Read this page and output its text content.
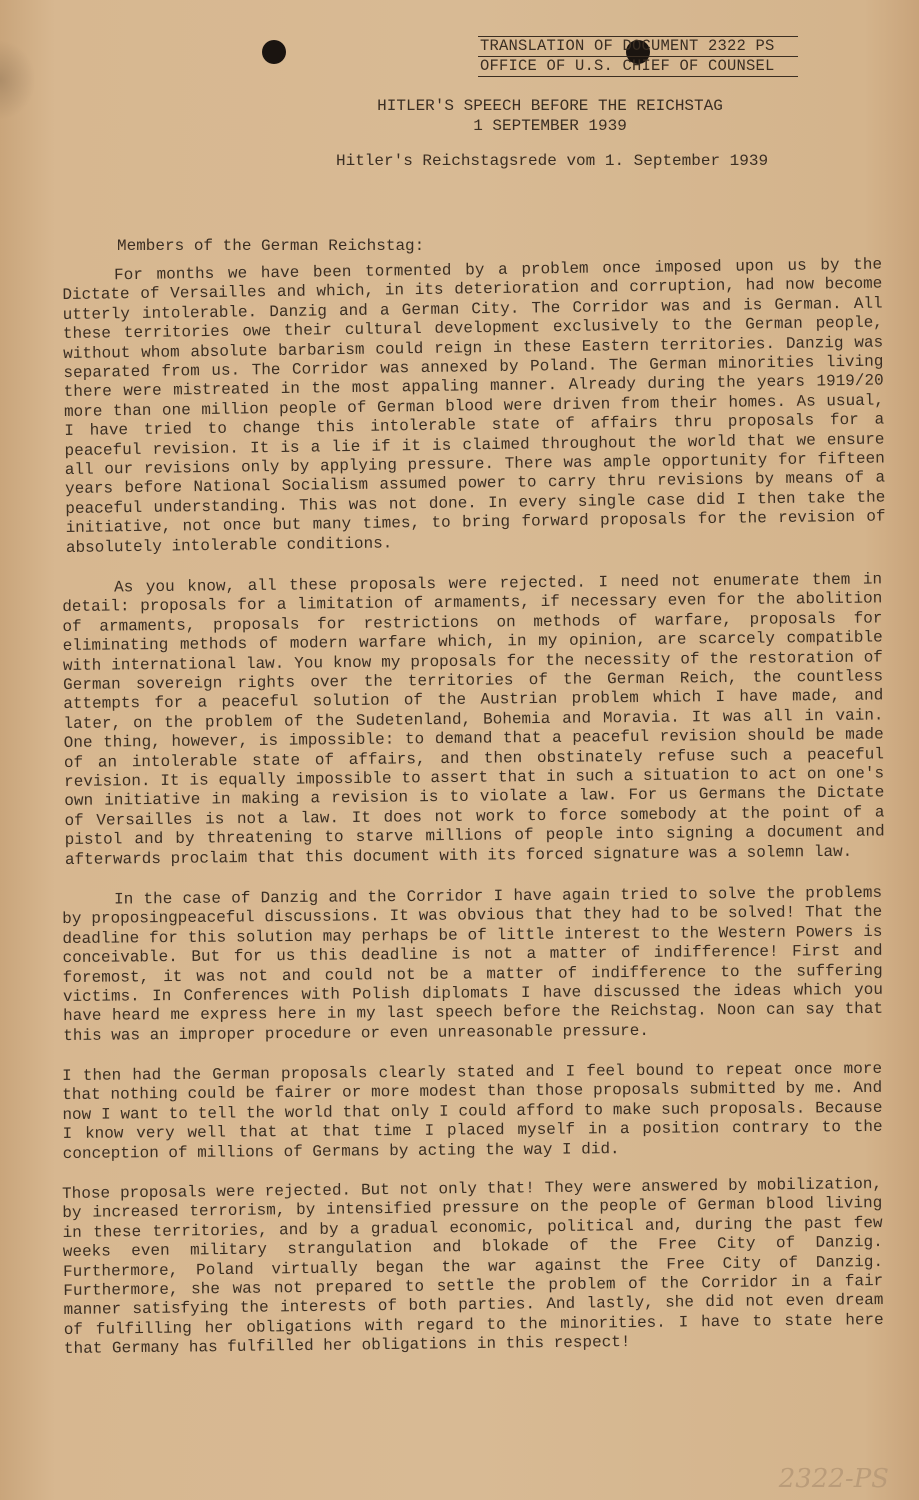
TRANSLATION OF DOCUMENT 2322 PS
OFFICE OF U.S. CHIEF OF COUNSEL
HITLER'S SPEECH BEFORE THE REICHSTAG
1 SEPTEMBER 1939
Hitler's Reichstagsrede vom 1. September 1939
Members of the German Reichstag:

For months we have been tormented by a problem once imposed upon us by the Dictate of Versailles and which, in its deterioration and corruption, had now become utterly intolerable. Danzig and a German City. The Corridor was and is German. All these territories owe their cultural development exclusively to the German people, without whom absolute barbarism could reign in these Eastern territories. Danzig was separated from us. The Corridor was annexed by Poland. The German minorities living there were mistreated in the most appaling manner. Already during the years 1919/20 more than one million people of German blood were driven from their homes. As usual, I have tried to change this intolerable state of affairs thru proposals for a peaceful revision. It is a lie if it is claimed throughout the world that we ensure all our revisions only by applying pressure. There was ample opportunity for fifteen years before National Socialism assumed power to carry thru revisions by means of a peaceful understanding. This was not done. In every single case did I then take the initiative, not once but many times, to bring forward proposals for the revision of absolutely intolerable conditions.

As you know, all these proposals were rejected. I need not enumerate them in detail: proposals for a limitation of armaments, if necessary even for the abolition of armaments, proposals for restrictions on methods of warfare, proposals for eliminating methods of modern warfare which, in my opinion, are scarcely compatible with international law. You know my proposals for the necessity of the restoration of German sovereign rights over the territories of the German Reich, the countless attempts for a peaceful solution of the Austrian problem which I have made, and later, on the problem of the Sudetenland, Bohemia and Moravia. It was all in vain. One thing, however, is impossible: to demand that a peaceful revision should be made of an intolerable state of affairs, and then obstinately refuse such a peaceful revision. It is equally impossible to assert that in such a situation to act on one's own initiative in making a revision is to violate a law. For us Germans the Dictate of Versailles is not a law. It does not work to force somebody at the point of a pistol and by threatening to starve millions of people into signing a document and afterwards proclaim that this document with its forced signature was a solemn law.

In the case of Danzig and the Corridor I have again tried to solve the problems by proposingpeaceful discussions. It was obvious that they had to be solved! That the deadline for this solution may perhaps be of little interest to the Western Powers is conceivable. But for us this deadline is not a matter of indifference! First and foremost, it was not and could not be a matter of indifference to the suffering victims. In Conferences with Polish diplomats I have discussed the ideas which you have heard me express here in my last speech before the Reichstag. Noon can say that this was an improper procedure or even unreasonable pressure.

I then had the German proposals clearly stated and I feel bound to repeat once more that nothing could be fairer or more modest than those proposals submitted by me. And now I want to tell the world that only I could afford to make such proposals. Because I know very well that at that time I placed myself in a position contrary to the conception of millions of Germans by acting the way I did.

Those proposals were rejected. But not only that! They were answered by mobilization, by increased terrorism, by intensified pressure on the people of German blood living in these territories, and by a gradual economic, political and, during the past few weeks even military strangulation and blokade of the Free City of Danzig. Furthermore, Poland virtually began the war against the Free City of Danzig. Furthermore, she was not prepared to settle the problem of the Corridor in a fair manner satisfying the interests of both parties. And lastly, she did not even dream of fulfilling her obligations with regard to the minorities. I have to state here that Germany has fulfilled her obligations in this respect!

2322-PS
